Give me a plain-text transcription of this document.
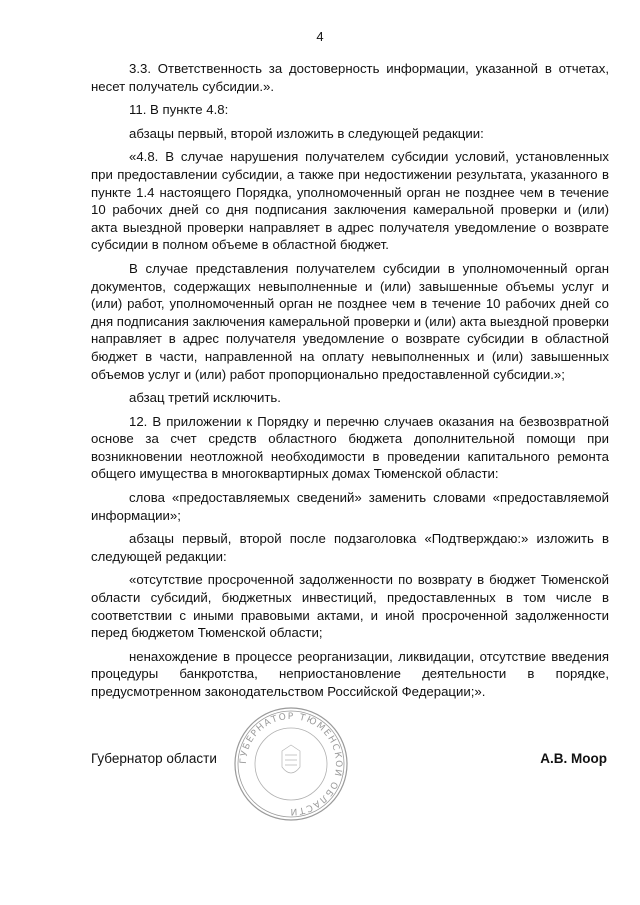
4

3.3. Ответственность за достоверность информации, указанной в отчетах, несет получатель субсидии.».

11. В пункте 4.8:

абзацы первый, второй изложить в следующей редакции:

«4.8. В случае нарушения получателем субсидии условий, установленных при предоставлении субсидии, а также при недостижении результата, указанного в пункте 1.4 настоящего Порядка, уполномоченный орган не позднее чем в течение 10 рабочих дней со дня подписания заключения камеральной проверки и (или) акта выездной проверки направляет в адрес получателя уведомление о возврате субсидии в полном объеме в областной бюджет.

В случае представления получателем субсидии в уполномоченный орган документов, содержащих невыполненные и (или) завышенные объемы услуг и (или) работ, уполномоченный орган не позднее чем в течение 10 рабочих дней со дня подписания заключения камеральной проверки и (или) акта выездной проверки направляет в адрес получателя уведомление о возврате субсидии в областной бюджет в части, направленной на оплату невыполненных и (или) завышенных объемов услуг и (или) работ пропорционально предоставленной субсидии.»;

абзац третий исключить.

12. В приложении к Порядку и перечню случаев оказания на безвозвратной основе за счет средств областного бюджета дополнительной помощи при возникновении неотложной необходимости в проведении капитального ремонта общего имущества в многоквартирных домах Тюменской области:

слова «предоставляемых сведений» заменить словами «предоставляемой информации»;

абзацы первый, второй после подзаголовка «Подтверждаю:» изложить в следующей редакции:

«отсутствие просроченной задолженности по возврату в бюджет Тюменской области субсидий, бюджетных инвестиций, предоставленных в том числе в соответствии с иными правовыми актами, и иной просроченной задолженности перед бюджетом Тюменской области;

ненахождение в процессе реорганизации, ликвидации, отсутствие введения процедуры банкротства, неприостановление деятельности в порядке, предусмотренном законодательством Российской Федерации;».

Губернатор области	А.В. Моор
ГУБЕРНАТОР ТЮМЕНСКОЙ ОБЛАСТИ
